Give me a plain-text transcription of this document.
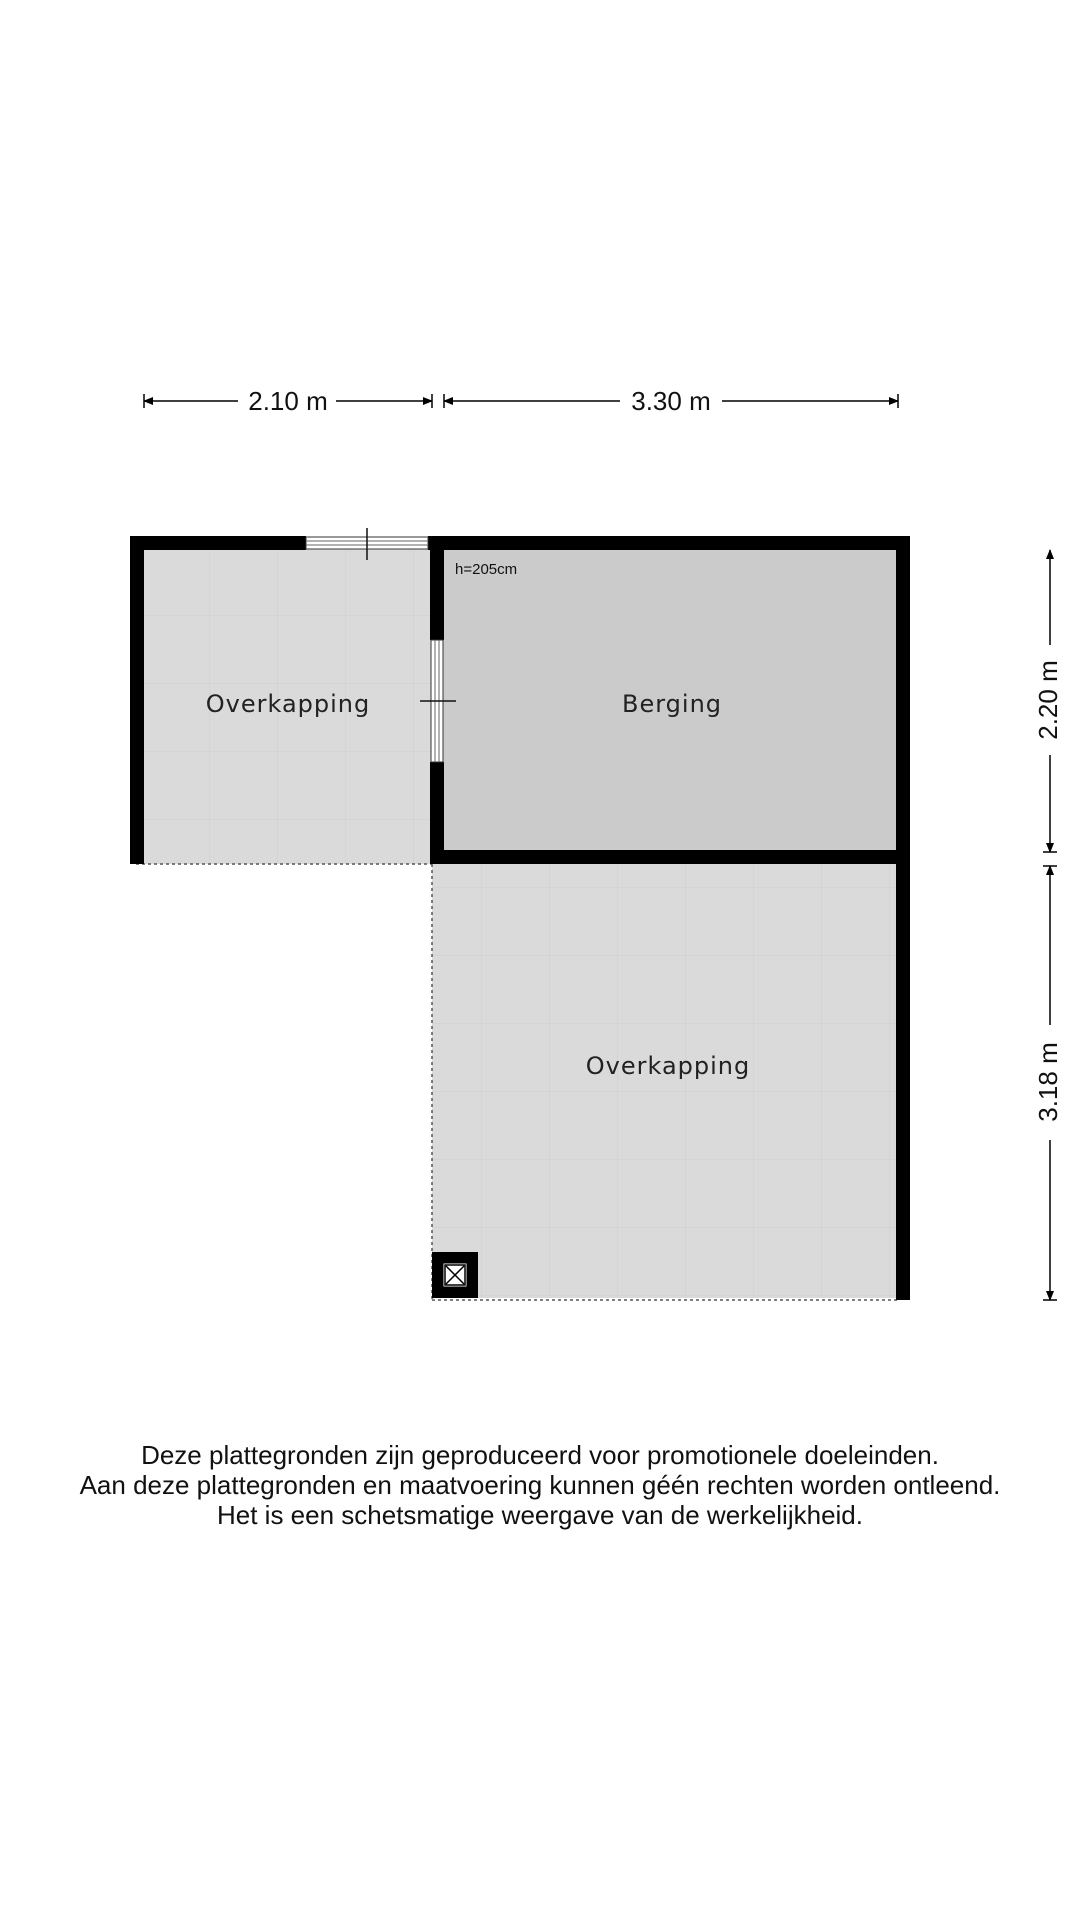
Overkapping	Berging
h=205cm
Overkapping
2.10 m	3.30 m
2.20 m
3.18 m
Deze plattegronden zijn geproduceerd voor promotionele doeleinden.
Aan deze plattegronden en maatvoering kunnen géén rechten worden ontleend.
Het is een schetsmatige weergave van de werkelijkheid.
